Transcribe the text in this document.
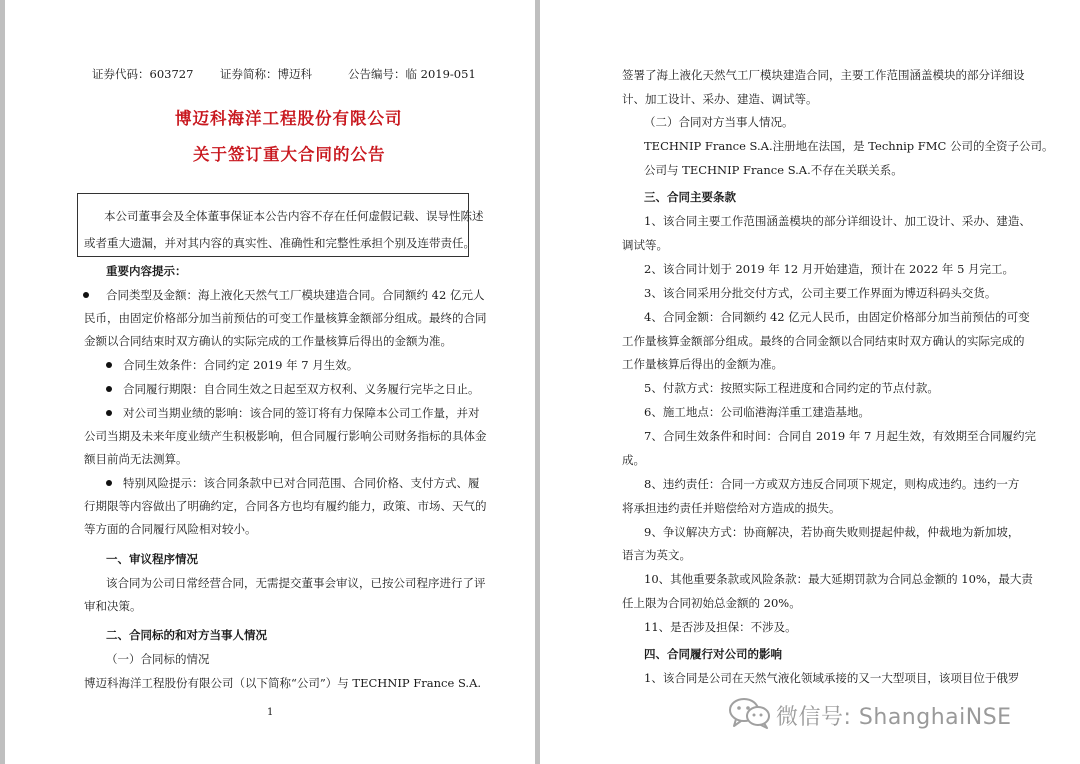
证券代码：603727 证券简称：博迈科	公告编号：临 2019-051
博迈科海洋工程股份有限公司
关于签订重大合同的公告
本公司董事会及全体董事保证本公告内容不存在任何虚假记载、误导性陈述
或者重大遗漏，并对其内容的真实性、准确性和完整性承担个别及连带责任。
重要内容提示：
合同类型及金额：海上液化天然气工厂模块建造合同。合同额约 42 亿元人
民币，由固定价格部分加当前预估的可变工作量核算金额部分组成。最终的合同
金额以合同结束时双方确认的实际完成的工作量核算后得出的金额为准。
合同生效条件：合同约定 2019 年 7 月生效。
合同履行期限：自合同生效之日起至双方权利、义务履行完毕之日止。
对公司当期业绩的影响：该合同的签订将有力保障本公司工作量，并对
公司当期及未来年度业绩产生积极影响，但合同履行影响公司财务指标的具体金
额目前尚无法测算。
特别风险提示：该合同条款中已对合同范围、合同价格、支付方式、履
行期限等内容做出了明确约定，合同各方也均有履约能力，政策、市场、天气的
等方面的合同履行风险相对较小。
一、审议程序情况
该合同为公司日常经营合同，无需提交董事会审议，已按公司程序进行了评
审和决策。
二、合同标的和对方当事人情况
（一）合同标的情况
博迈科海洋工程股份有限公司（以下简称“公司”）与 TECHNIP France S.A.
1
签署了海上液化天然气工厂模块建造合同，主要工作范围涵盖模块的部分详细设
计、加工设计、采办、建造、调试等。
（二）合同对方当事人情况。
TECHNIP France S.A.注册地在法国，是 Technip FMC 公司的全资子公司。
公司与 TECHNIP France S.A.不存在关联关系。
三、合同主要条款
1、该合同主要工作范围涵盖模块的部分详细设计、加工设计、采办、建造、
调试等。
2、该合同计划于 2019 年 12 月开始建造，预计在 2022 年 5 月完工。
3、该合同采用分批交付方式，公司主要工作界面为博迈科码头交货。
4、合同金额：合同额约 42 亿元人民币，由固定价格部分加当前预估的可变
工作量核算金额部分组成。最终的合同金额以合同结束时双方确认的实际完成的
工作量核算后得出的金额为准。
5、付款方式：按照实际工程进度和合同约定的节点付款。
6、施工地点：公司临港海洋重工建造基地。
7、合同生效条件和时间：合同自 2019 年 7 月起生效，有效期至合同履约完
成。
8、违约责任：合同一方或双方违反合同项下规定，则构成违约。违约一方
将承担违约责任并赔偿给对方造成的损失。
9、争议解决方式：协商解决，若协商失败则提起仲裁，仲裁地为新加坡，
语言为英文。
10、其他重要条款或风险条款：最大延期罚款为合同总金额的 10%，最大责
任上限为合同初始总金额的 20%。
11、是否涉及担保：不涉及。
四、合同履行对公司的影响
1、该合同是公司在天然气液化领域承接的又一大型项目，该项目位于俄罗
微信号: ShanghaiNSE
